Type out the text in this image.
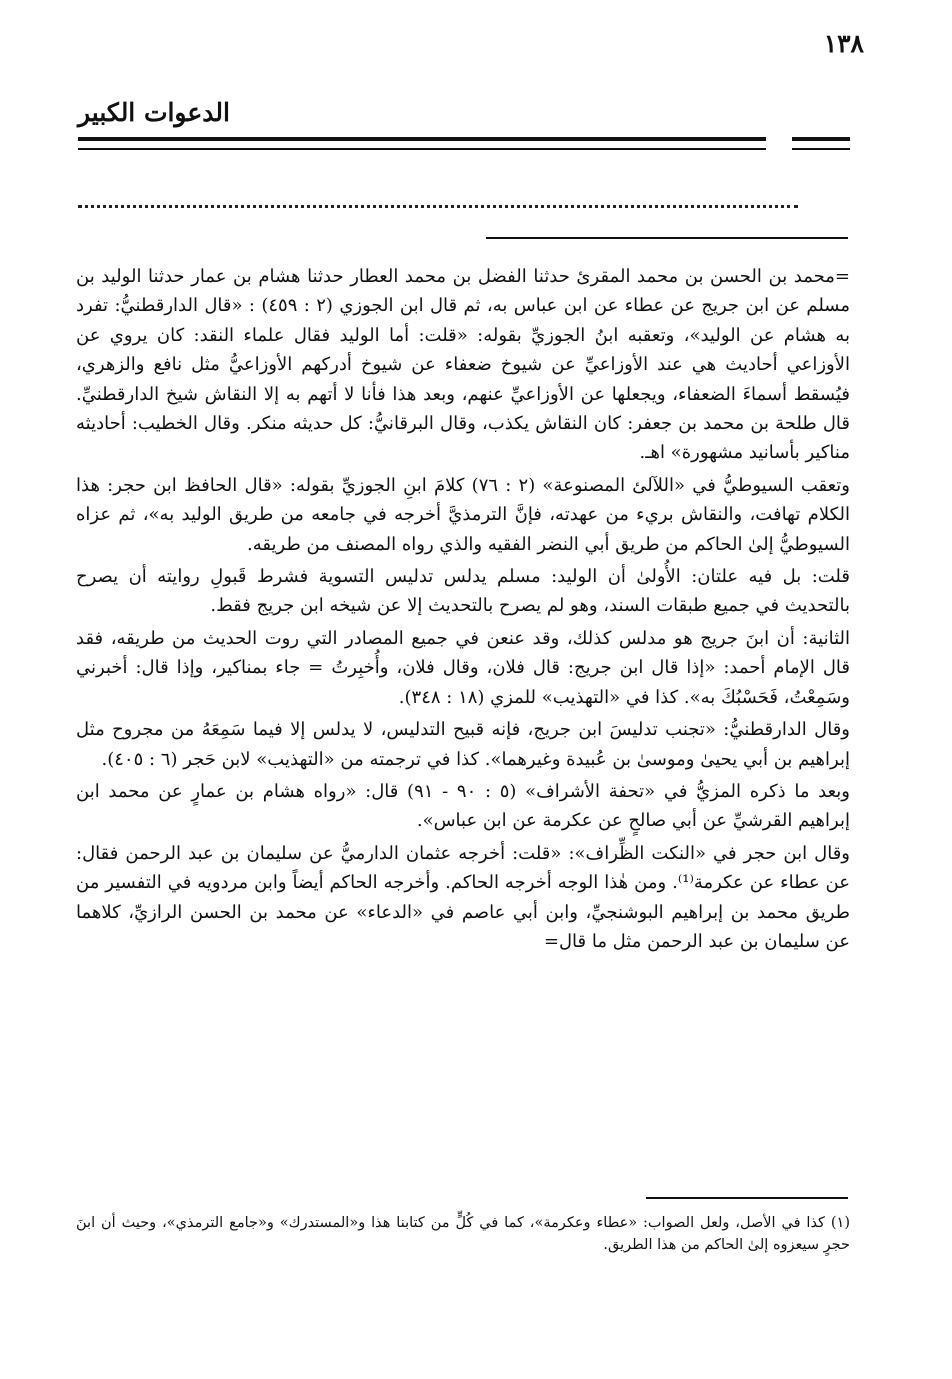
الدعوات الكبير
١٣٨

=محمد بن الحسن بن محمد المقرئ حدثنا الفضل بن محمد العطار حدثنا هشام بن عمار حدثنا الوليد بن مسلم عن ابن جريج عن عطاء عن ابن عباس به، ثم قال ابن الجوزي (٢ : ٤٥٩) : «قال الدارقطنيُّ: تفرد به هشام عن الوليد»، وتعقبه ابنُ الجوزيِّ بقوله: «قلت: أما الوليد فقال علماء النقد: كان يروي عن الأوزاعي أحاديث هي عند الأوزاعيِّ عن شيوخ ضعفاء عن شيوخ أدركهم الأوزاعيُّ مثل نافع والزهري، فيُسقط أسماءَ الضعفاء، ويجعلها عن الأوزاعيِّ عنهم، وبعد هذا فأنا لا أتهم به إلا النقاش شيخ الدارقطنيِّ. قال طلحة بن محمد بن جعفر: كان النقاش يكذب، وقال البرقانيُّ: كل حديثه منكر. وقال الخطيب: أحاديثه مناكير بأسانيد مشهورة» اهـ.

وتعقب السيوطيُّ في «اللآلئ المصنوعة» (٢ : ٧٦) كلامَ ابنِ الجوزيِّ بقوله: «قال الحافظ ابن حجر: هذا الكلام تهافت، والنقاش بريء من عهدته، فإنَّ الترمذيَّ أخرجه في جامعه من طريق الوليد به»، ثم عزاه السيوطيُّ إلىٰ الحاكم من طريق أبي النضر الفقيه والذي رواه المصنف من طريقه.

قلت: بل فيه علتان: الأُولىٰ أن الوليد: مسلم يدلس تدليس التسوية فشرط قَبولِ روايته أن يصرح بالتحديث في جميع طبقات السند، وهو لم يصرح بالتحديث إلا عن شيخه ابن جريج فقط.

الثانية: أن ابنَ جريج هو مدلس كذلك، وقد عنعن في جميع المصادر التي روت الحديث من طريقه، فقد قال الإمام أحمد: «إذا قال ابن جريج: قال فلان، وقال فلان، وأُخبِرتُ = جاء بمناكير، وإذا قال: أخبرني وسَمِعْتُ، فَحَسْبُكَ به». كذا في «التهذيب» للمزي (١٨ : ٣٤٨).

وقال الدارقطنيُّ: «تجنب تدليسَ ابن جريج، فإنه قبيح التدليس، لا يدلس إلا فيما سَمِعَهُ من مجروح مثل إبراهيم بن أبي يحيىٰ وموسىٰ بن عُبيدة وغيرهما». كذا في ترجمته من «التهذيب» لابن حَجر (٦ : ٤٠٥).

وبعد ما ذكره المزيُّ في «تحفة الأشراف» (٥ : ٩٠ - ٩١) قال: «رواه هشام بن عمارٍ عن محمد ابن إبراهيم القرشيِّ عن أبي صالحٍ عن عكرمة عن ابن عباس».

وقال ابن حجر في «النكت الظِّراف»: «قلت: أخرجه عثمان الدارميُّ عن سليمان بن عبد الرحمن فقال: عن عطاء عن عكرمة⁽¹⁾. ومن هٰذا الوجه أخرجه الحاكم. وأخرجه الحاكم أيضاً وابن مردويه في التفسير من طريق محمد بن إبراهيم البوشنجيِّ، وابن أبي عاصم في «الدعاء» عن محمد بن الحسن الرازيِّ، كلاهما عن سليمان بن عبد الرحمن مثل ما قال=

(١) كذا في الأصل، ولعل الصواب: «عطاء وعكرمة»، كما في كُلٍّ من كتابنا هذا و«المستدرك» و«جامع الترمذي»، وحيث أن ابنَ حجرٍ سيعزوه إلىٰ الحاكم من هذا الطريق.
